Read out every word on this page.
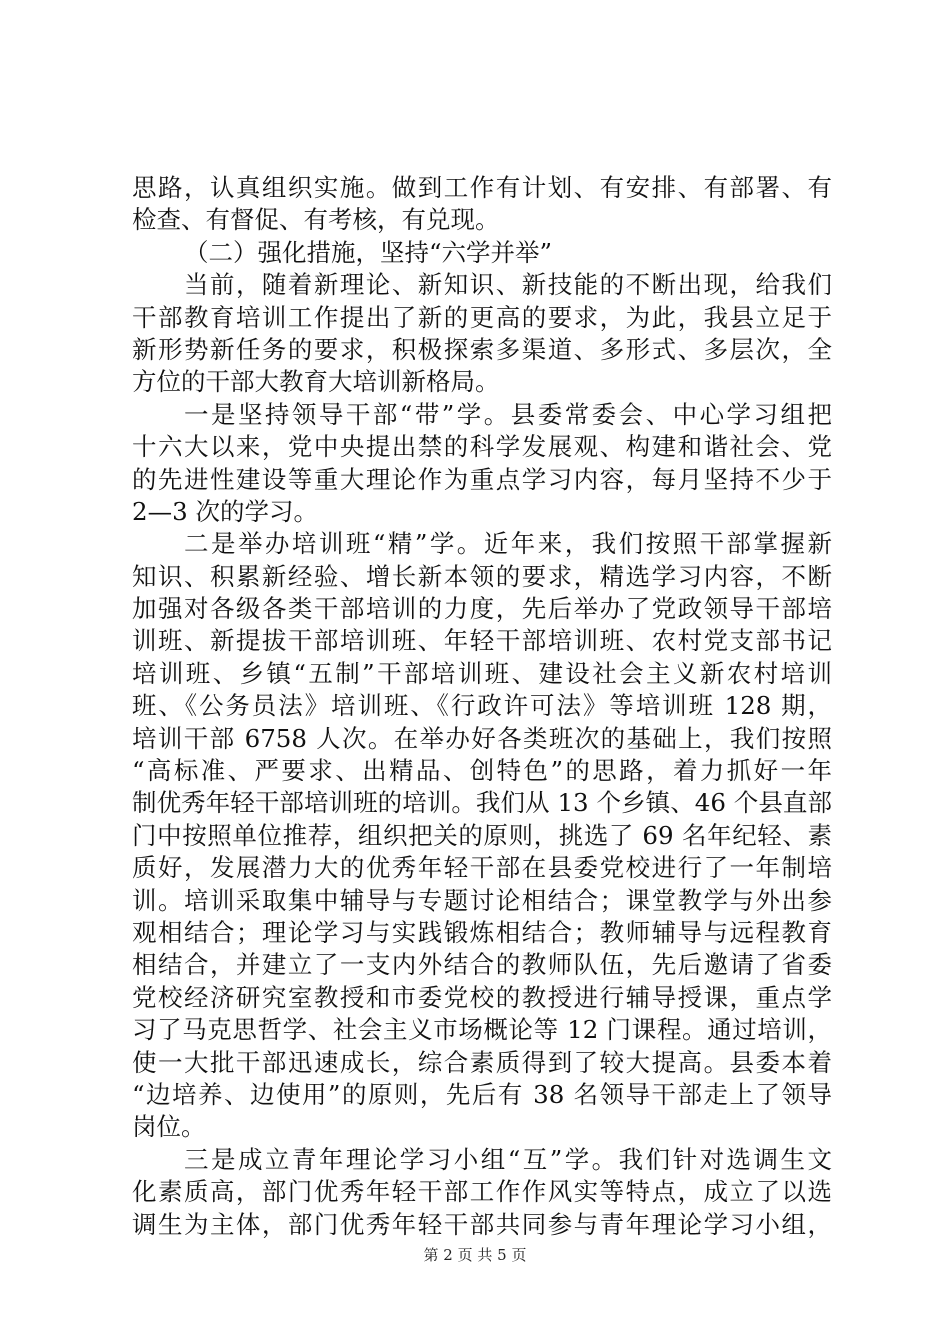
思路，认真组织实施。做到工作有计划、有安排、有部署、有
检查、有督促、有考核，有兑现。
（二）强化措施，坚持“六学并举”
当前，随着新理论、新知识、新技能的不断出现，给我们
干部教育培训工作提出了新的更高的要求，为此，我县立足于
新形势新任务的要求，积极探索多渠道、多形式、多层次，全
方位的干部大教育大培训新格局。
一是坚持领导干部“带”学。县委常委会、中心学习组把
十六大以来，党中央提出禁的科学发展观、构建和谐社会、党
的先进性建设等重大理论作为重点学习内容，每月坚持不少于
2—3 次的学习。
二是举办培训班“精”学。近年来，我们按照干部掌握新
知识、积累新经验、增长新本领的要求，精选学习内容，不断
加强对各级各类干部培训的力度，先后举办了党政领导干部培
训班、新提拔干部培训班、年轻干部培训班、农村党支部书记
培训班、乡镇“五制”干部培训班、建设社会主义新农村培训
班、《公务员法》培训班、《行政许可法》等培训班 128 期，
培训干部 6758 人次。在举办好各类班次的基础上，我们按照
“高标准、严要求、出精品、创特色”的思路，着力抓好一年
制优秀年轻干部培训班的培训。我们从 13 个乡镇、46 个县直部
门中按照单位推荐，组织把关的原则，挑选了 69 名年纪轻、素
质好，发展潜力大的优秀年轻干部在县委党校进行了一年制培
训。培训采取集中辅导与专题讨论相结合；课堂教学与外出参
观相结合；理论学习与实践锻炼相结合；教师辅导与远程教育
相结合，并建立了一支内外结合的教师队伍，先后邀请了省委
党校经济研究室教授和市委党校的教授进行辅导授课，重点学
习了马克思哲学、社会主义市场概论等 12 门课程。通过培训，
使一大批干部迅速成长，综合素质得到了较大提高。县委本着
“边培养、边使用”的原则，先后有 38 名领导干部走上了领导
岗位。
三是成立青年理论学习小组“互”学。我们针对选调生文
化素质高，部门优秀年轻干部工作作风实等特点，成立了以选
调生为主体，部门优秀年轻干部共同参与青年理论学习小组，
第 2 页 共 5 页
